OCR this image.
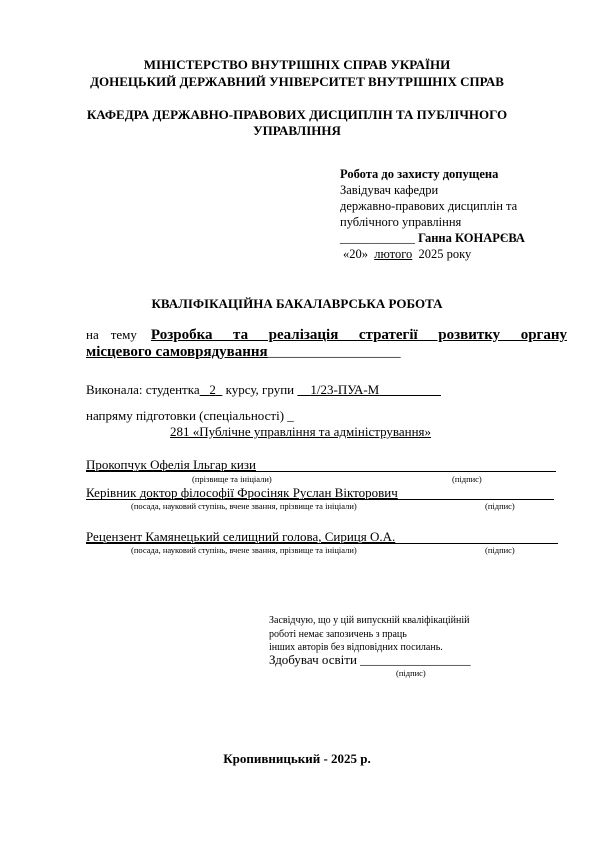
МІНІСТЕРСТВО ВНУТРІШНІХ СПРАВ УКРАЇНИ
ДОНЕЦЬКИЙ ДЕРЖАВНИЙ УНІВЕРСИТЕТ ВНУТРІШНІХ СПРАВ
КАФЕДРА ДЕРЖАВНО-ПРАВОВИХ ДИСЦИПЛІН ТА ПУБЛІЧНОГО
УПРАВЛІННЯ
Робота до захисту допущена
Завідувач кафедри
державно-правових дисциплін та
публічного управління
____________ Ганна КОНАРЄВА
«20» лютого 2025 року
КВАЛІФІКАЦІЙНА БАКАЛАВРСЬКА РОБОТА
на тему Розробка та реалізація стратегії розвитку органу
місцевого самоврядування___________________
Виконала: студентка 2 курсу, групи 1/23-ПУА-М
напряму підготовки (спеціальності) _
281 «Публічне управління та адміністрування»
Прокопчук Офелія Ільгар кизи
(прізвище та ініціали)	(підпис)
Керівник доктор філософії Фросіняк Руслан Вікторович
(посада, науковий ступінь, вчене звання, прізвище та ініціали)	(підпис)
Рецензент Камянецький селищний голова, Сириця О.А.
(посада, науковий ступінь, вчене звання, прізвище та ініціали)	(підпис)
Засвідчую, що у цій випускній кваліфікаційній
роботі немає запозичень з праць
інших авторів без відповідних посилань.
Здобувач освіти _________________
(підпис)
Кропивницький - 2025 р.
